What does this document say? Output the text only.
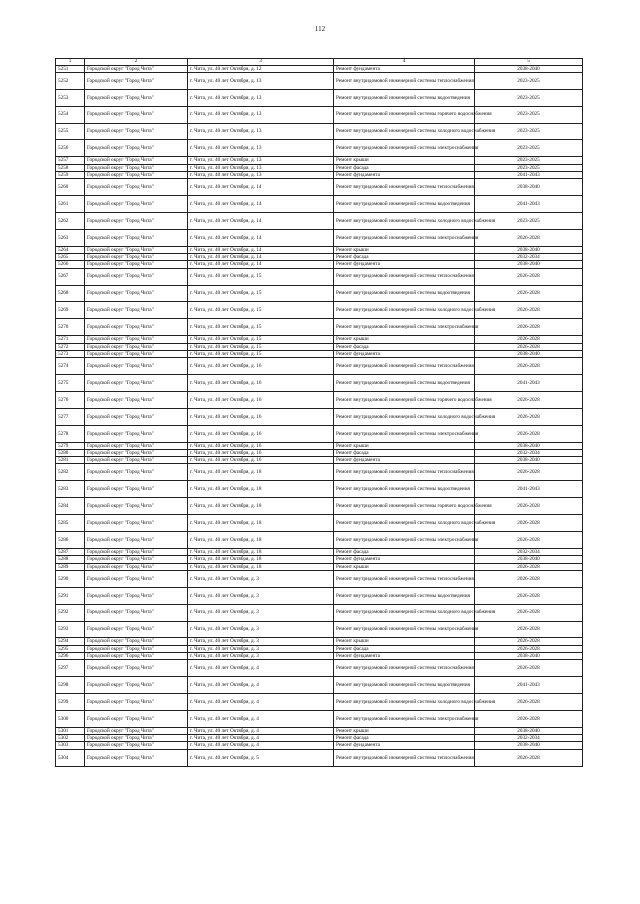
112
1	2	3	4	5
5251	Городской округ "Город Чита"	г. Чита, ул. 40 лет Октября, д. 12	Ремонт фундамента	2038-2040
5252	Городской округ "Город Чита"	г. Чита, ул. 40 лет Октября, д. 13	Ремонт внутридомовой инженерной системы теплоснабжения	2023-2025
5253	Городской округ "Город Чита"	г. Чита, ул. 40 лет Октября, д. 13	Ремонт внутридомовой инженерной системы водоотведения	2023-2025
5254	Городской округ "Город Чита"	г. Чита, ул. 40 лет Октября, д. 13	Ремонт внутридомовой инженерной системы горячего водоснабжения	2023-2025
5255	Городской округ "Город Чита"	г. Чита, ул. 40 лет Октября, д. 13	Ремонт внутридомовой инженерной системы холодного водоснабжения	2023-2025
5256	Городской округ "Город Чита"	г. Чита, ул. 40 лет Октября, д. 13	Ремонт внутридомовой инженерной системы электроснабжения	2023-2025
5257	Городской округ "Город Чита"	г. Чита, ул. 40 лет Октября, д. 13	Ремонт крыши	2023-2025
5258	Городской округ "Город Чита"	г. Чита, ул. 40 лет Октября, д. 13	Ремонт фасада	2023-2025
5259	Городской округ "Город Чита"	г. Чита, ул. 40 лет Октября, д. 13	Ремонт фундамента	2041-2043
5260	Городской округ "Город Чита"	г. Чита, ул. 40 лет Октября, д. 14	Ремонт внутридомовой инженерной системы теплоснабжения	2038-2040
5261	Городской округ "Город Чита"	г. Чита, ул. 40 лет Октября, д. 14	Ремонт внутридомовой инженерной системы водоотведения	2041-2043
5262	Городской округ "Город Чита"	г. Чита, ул. 40 лет Октября, д. 14	Ремонт внутридомовой инженерной системы холодного водоснабжения	2023-2025
5263	Городской округ "Город Чита"	г. Чита, ул. 40 лет Октября, д. 14	Ремонт внутридомовой инженерной системы электроснабжения	2026-2028
5264	Городской округ "Город Чита"	г. Чита, ул. 40 лет Октября, д. 14	Ремонт крыши	2038-2040
5265	Городской округ "Город Чита"	г. Чита, ул. 40 лет Октября, д. 14	Ремонт фасада	2032-2034
5266	Городской округ "Город Чита"	г. Чита, ул. 40 лет Октября, д. 14	Ремонт фундамента	2038-2040
5267	Городской округ "Город Чита"	г. Чита, ул. 40 лет Октября, д. 15	Ремонт внутридомовой инженерной системы теплоснабжения	2026-2028
5268	Городской округ "Город Чита"	г. Чита, ул. 40 лет Октября, д. 15	Ремонт внутридомовой инженерной системы водоотведения	2026-2028
5269	Городской округ "Город Чита"	г. Чита, ул. 40 лет Октября, д. 15	Ремонт внутридомовой инженерной системы холодного водоснабжения	2026-2028
5270	Городской округ "Город Чита"	г. Чита, ул. 40 лет Октября, д. 15	Ремонт внутридомовой инженерной системы электроснабжения	2026-2028
5271	Городской округ "Город Чита"	г. Чита, ул. 40 лет Октября, д. 15	Ремонт крыши	2026-2028
5272	Городской округ "Город Чита"	г. Чита, ул. 40 лет Октября, д. 15	Ремонт фасада	2026-2028
5273	Городской округ "Город Чита"	г. Чита, ул. 40 лет Октября, д. 15	Ремонт фундамента	2038-2040
5274	Городской округ "Город Чита"	г. Чита, ул. 40 лет Октября, д. 16	Ремонт внутридомовой инженерной системы теплоснабжения	2026-2028
5275	Городской округ "Город Чита"	г. Чита, ул. 40 лет Октября, д. 16	Ремонт внутридомовой инженерной системы водоотведения	2041-2043
5276	Городской округ "Город Чита"	г. Чита, ул. 40 лет Октября, д. 16	Ремонт внутридомовой инженерной системы горячего водоснабжения	2026-2028
5277	Городской округ "Город Чита"	г. Чита, ул. 40 лет Октября, д. 16	Ремонт внутридомовой инженерной системы холодного водоснабжения	2026-2028
5278	Городской округ "Город Чита"	г. Чита, ул. 40 лет Октября, д. 16	Ремонт внутридомовой инженерной системы электроснабжения	2026-2028
5279	Городской округ "Город Чита"	г. Чита, ул. 40 лет Октября, д. 16	Ремонт крыши	2038-2040
5280	Городской округ "Город Чита"	г. Чита, ул. 40 лет Октября, д. 16	Ремонт фасада	2032-2034
5281	Городской округ "Город Чита"	г. Чита, ул. 40 лет Октября, д. 16	Ремонт фундамента	2038-2040
5282	Городской округ "Город Чита"	г. Чита, ул. 40 лет Октября, д. 18	Ремонт внутридомовой инженерной системы теплоснабжения	2026-2028
5283	Городской округ "Город Чита"	г. Чита, ул. 40 лет Октября, д. 18	Ремонт внутридомовой инженерной системы водоотведения	2041-2043
5284	Городской округ "Город Чита"	г. Чита, ул. 40 лет Октября, д. 18	Ремонт внутридомовой инженерной системы горячего водоснабжения	2026-2028
5285	Городской округ "Город Чита"	г. Чита, ул. 40 лет Октября, д. 18	Ремонт внутридомовой инженерной системы холодного водоснабжения	2026-2028
5286	Городской округ "Город Чита"	г. Чита, ул. 40 лет Октября, д. 18	Ремонт внутридомовой инженерной системы электроснабжения	2026-2028
5287	Городской округ "Город Чита"	г. Чита, ул. 40 лет Октября, д. 18	Ремонт фасада	2032-2034
5288	Городской округ "Город Чита"	г. Чита, ул. 40 лет Октября, д. 18	Ремонт фундамента	2038-2040
5289	Городской округ "Город Чита"	г. Чита, ул. 40 лет Октября, д. 18	Ремонт крыши	2026-2028
5290	Городской округ "Город Чита"	г. Чита, ул. 40 лет Октября, д. 3	Ремонт внутридомовой инженерной системы теплоснабжения	2026-2028
5291	Городской округ "Город Чита"	г. Чита, ул. 40 лет Октября, д. 3	Ремонт внутридомовой инженерной системы водоотведения	2026-2028
5292	Городской округ "Город Чита"	г. Чита, ул. 40 лет Октября, д. 3	Ремонт внутридомовой инженерной системы холодного водоснабжения	2026-2028
5293	Городской округ "Город Чита"	г. Чита, ул. 40 лет Октября, д. 3	Ремонт внутридомовой инженерной системы электроснабжения	2026-2028
5294	Городской округ "Город Чита"	г. Чита, ул. 40 лет Октября, д. 3	Ремонт крыши	2026-2028
5295	Городской округ "Город Чита"	г. Чита, ул. 40 лет Октября, д. 3	Ремонт фасада	2026-2028
5296	Городской округ "Город Чита"	г. Чита, ул. 40 лет Октября, д. 3	Ремонт фундамента	2038-2040
5297	Городской округ "Город Чита"	г. Чита, ул. 40 лет Октября, д. 4	Ремонт внутридомовой инженерной системы теплоснабжения	2026-2028
5298	Городской округ "Город Чита"	г. Чита, ул. 40 лет Октября, д. 4	Ремонт внутридомовой инженерной системы водоотведения	2041-2043
5299	Городской округ "Город Чита"	г. Чита, ул. 40 лет Октября, д. 4	Ремонт внутридомовой инженерной системы холодного водоснабжения	2026-2028
5300	Городской округ "Город Чита"	г. Чита, ул. 40 лет Октября, д. 4	Ремонт внутридомовой инженерной системы электроснабжения	2026-2028
5301	Городской округ "Город Чита"	г. Чита, ул. 40 лет Октября, д. 4	Ремонт крыши	2038-2040
5302	Городской округ "Город Чита"	г. Чита, ул. 40 лет Октября, д. 4	Ремонт фасада	2032-2034
5303	Городской округ "Город Чита"	г. Чита, ул. 40 лет Октября, д. 4	Ремонт фундамента	2038-2040
5304	Городской округ "Город Чита"	г. Чита, ул. 40 лет Октября, д. 5	Ремонт внутридомовой инженерной системы теплоснабжения	2026-2028
